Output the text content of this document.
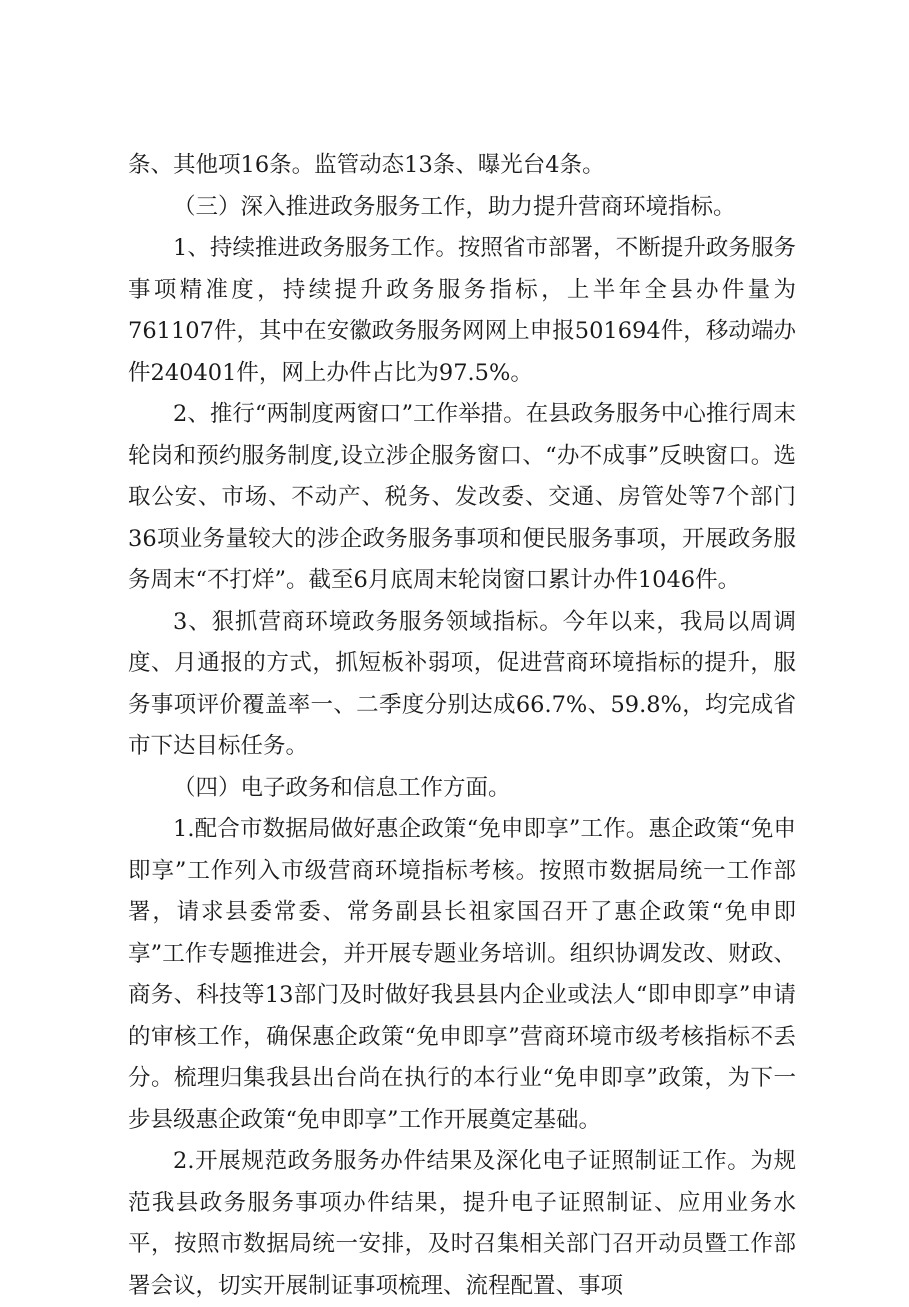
条、其他项16条。监管动态13条、曝光台4条。

（三）深入推进政务服务工作，助力提升营商环境指标。

1、持续推进政务服务工作。按照省市部署，不断提升政务服务事项精准度，持续提升政务服务指标，上半年全县办件量为761107件，其中在安徽政务服务网网上申报501694件，移动端办件240401件，网上办件占比为97.5%。

2、推行“两制度两窗口”工作举措。在县政务服务中心推行周末轮岗和预约服务制度,设立涉企服务窗口、“办不成事”反映窗口。选取公安、市场、不动产、税务、发改委、交通、房管处等7个部门36项业务量较大的涉企政务服务事项和便民服务事项，开展政务服务周末“不打烊”。截至6月底周末轮岗窗口累计办件1046件。

3、狠抓营商环境政务服务领域指标。今年以来，我局以周调度、月通报的方式，抓短板补弱项，促进营商环境指标的提升，服务事项评价覆盖率一、二季度分别达成66.7%、59.8%，均完成省市下达目标任务。

（四）电子政务和信息工作方面。

1.配合市数据局做好惠企政策“免申即享”工作。惠企政策“免申即享”工作列入市级营商环境指标考核。按照市数据局统一工作部署，请求县委常委、常务副县长祖家国召开了惠企政策“免申即享”工作专题推进会，并开展专题业务培训。组织协调发改、财政、商务、科技等13部门及时做好我县县内企业或法人“即申即享”申请的审核工作，确保惠企政策“免申即享”营商环境市级考核指标不丢分。梳理归集我县出台尚在执行的本行业“免申即享”政策，为下一步县级惠企政策“免申即享”工作开展奠定基础。

2.开展规范政务服务办件结果及深化电子证照制证工作。为规范我县政务服务事项办件结果，提升电子证照制证、应用业务水平，按照市数据局统一安排，及时召集相关部门召开动员暨工作部署会议，切实开展制证事项梳理、流程配置、事项
